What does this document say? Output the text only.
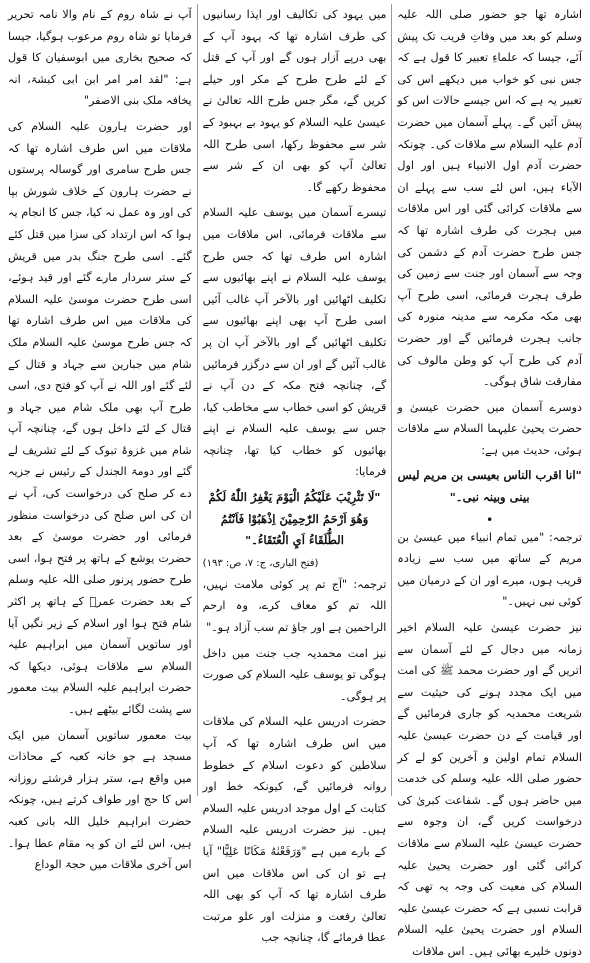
اشارہ تھا جو حضور صلی اللہ علیہ وسلم کو بعد میں وفاتِ قریب تک پیش آئے، جیسا کہ علماءِ تعبیر کا قول ہے کہ جس نبی کو خواب میں دیکھے اس کی تعبیر یہ ہے کہ اس جیسے حالات اس کو پیش آئیں گے۔ پہلے آسمان میں حضرت آدم علیہ السلام سے ملاقات کی۔ چونکہ حضرت آدم اول الانبیاء ہیں اور اول الآباء ہیں، اس لئے سب سے پہلے ان سے ملاقات کرائی گئی اور اس ملاقات میں ہجرت کی طرف اشارہ تھا کہ جس طرح حضرت آدم کے دشمن کی وجہ سے آسمان اور جنت سے زمین کی طرف ہجرت فرمائی، اسی طرح آپ بھی مکہ مکرمہ سے مدینہ منورہ کی جانب ہجرت فرمائیں گے اور حضرت آدم کی طرح آپ کو وطن مالوف کی مفارقت شاق ہوگی۔
دوسرے آسمان میں حضرت عیسیٰ و حضرت یحییٰ علیہما السلام سے ملاقات ہوئی، حدیث میں ہے:
"انا اقرب الناس بعیسی بن مریم لیس بینی وبینہ نبی۔"
•
ترجمہ: "میں تمام انبیاء میں عیسیٰ بن مریم کے ساتھ میں سب سے زیادہ قریب ہوں، میرے اور ان کے درمیان میں کوئی نبی نہیں۔"
نیز حضرت عیسیٰ علیہ السلام اخیر زمانہ میں دجال کے لئے آسمان سے اتریں گے اور حضرت محمد ﷺ کی امت میں ایک مجدد ہونے کی حیثیت سے شریعت محمدیہ کو جاری فرمائیں گے اور قیامت کے دن حضرت عیسیٰ علیہ السلام تمام اولین و آخرین کو لے کر حضور صلی اللہ علیہ وسلم کی خدمت میں حاضر ہوں گے۔ شفاعت کبریٰ کی درخواست کریں گے، ان وجوہ سے حضرت عیسیٰ علیہ السلام سے ملاقات کرائی گئی اور حضرت یحییٰ علیہ السلام کی معیت کی وجہ یہ تھی کہ قرابت نسبی ہے کہ حضرت عیسیٰ علیہ السلام اور حضرت یحییٰ علیہ السلام دونوں خلیرے بھائی ہیں۔ اس ملاقات
میں یہود کی تکالیف اور ایذا رسانیوں کی طرف اشارہ تھا کہ یہود آپ کے بھی درپے آزار ہوں گے اور آپ کے قتل کے لئے طرح طرح کے مکر اور حیلے کریں گے، مگر جس طرح اللہ تعالیٰ نے عیسیٰ علیہ السلام کو یہود بے بہبود کے شر سے محفوظ رکھا، اسی طرح اللہ تعالیٰ آپ کو بھی ان کے شر سے محفوظ رکھے گا۔
تیسرے آسمان میں یوسف علیہ السلام سے ملاقات فرمائی، اس ملاقات میں اشارہ اس طرف تھا کہ جس طرح یوسف علیہ السلام نے اپنے بھائیوں سے تکلیف اٹھائیں اور بالآخر آپ غالب آئیں اسی طرح آپ بھی اپنے بھائیوں سے تکلیف اٹھائیں گے اور بالآخر آپ ان پر غالب آئیں گے اور ان سے درگزر فرمائیں گے، چنانچہ فتح مکہ کے دن آپ نے قریش کو اسی خطاب سے مخاطب کیا، جس سے یوسف علیہ السلام نے اپنے بھائیوں کو خطاب کیا تھا، چنانچہ فرمایا:
"لَا تَثْرِيْبَ عَلَيْكُمُ الْيَوْمَ يَغْفِرُ اللّٰهُ لَكُمْ وَهُوَ اَرْحَمُ الرّٰحِمِيْنَ اِذْهَبُوْا فَاَنْتُمُ الطُّلَقَاءُ اَيِ الْعُتَقَاءُ۔"
(فتح الباری، ج: ۷، ص: ۱۹۳)
ترجمہ: "آج تم پر کوئی ملامت نہیں، اللہ تم کو معاف کرے، وہ ارحم الراحمین ہے اور جاؤ تم سب آزاد ہو۔"
نیز امت محمدیہ جب جنت میں داخل ہوگی تو یوسف علیہ السلام کی صورت پر ہوگی۔
حضرت ادریس علیہ السلام کی ملاقات میں اس طرف اشارہ تھا کہ آپ سلاطین کو دعوت اسلام کے خطوط روانہ فرمائیں گے، کیونکہ خط اور کتابت کے اول موجد ادریس علیہ السلام ہیں۔ نیز حضرت ادریس علیہ السلام کے بارے میں ہے "وَرَفَعْنٰهُ مَكَانًا عَلِيًّا" آیا ہے تو ان کی اس ملاقات میں اس طرف اشارہ تھا کہ آپ کو بھی اللہ تعالیٰ رفعت و منزلت اور علو مرتبت عطا فرمائے گا، چنانچہ جب
آپ نے شاہ روم کے نام والا نامہ تحریر فرمایا تو شاہ روم مرعوب ہوگیا، جیسا کہ صحیح بخاری میں ابوسفیان کا قول ہے: "لقد امر امر ابن ابی کبشۃ، انہ یخافہ ملک بنی الاصفر"
اور حضرت ہارون علیہ السلام کی ملاقات میں اس طرف اشارہ تھا کہ جس طرح سامری اور گوسالہ پرستوں نے حضرت ہارون کے خلاف شورش بپا کی اور وہ عمل نہ کیا، جس کا انجام یہ ہوا کہ اس ارتداد کی سزا میں قتل کئے گئے۔ اسی طرح جنگ بدر میں قریش کے ستر سردار مارے گئے اور قید ہوئے، اسی طرح حضرت موسیٰ علیہ السلام کی ملاقات میں اس طرف اشارہ تھا کہ جس طرح موسیٰ علیہ السلام ملک شام میں جبارین سے جہاد و قتال کے لئے گئے اور اللہ نے آپ کو فتح دی، اسی طرح آپ بھی ملک شام میں جہاد و قتال کے لئے داخل ہوں گے، چنانچہ آپ شام میں غزوۂ تبوک کے لئے تشریف لے گئے اور دومۃ الجندل کے رئیس نے جزیہ دے کر صلح کی درخواست کی، آپ نے ان کی اس صلح کی درخواست منظور فرمائی اور حضرت موسیٰ کے بعد حضرت یوشع کے ہاتھ پر فتح ہوا، اسی طرح حضور پرنور صلی اللہ علیہ وسلم کے بعد حضرت عمرؓ کے ہاتھ پر اکثر شام فتح ہوا اور اسلام کے زیر نگیں آیا اور ساتویں آسمان میں ابراہیم علیہ السلام سے ملاقات ہوئی، دیکھا کہ حضرت ابراہیم علیہ السلام بیت معمور سے پشت لگائے بیٹھے ہیں۔
بیت معمور ساتویں آسمان میں ایک مسجد ہے جو خانہ کعبہ کے محاذات میں واقع ہے، ستر ہزار فرشتے روزانہ اس کا حج اور طواف کرتے ہیں، چونکہ حضرت ابراہیم خلیل اللہ بانی کعبہ ہیں، اس لئے ان کو یہ مقام عطا ہوا۔ اس آخری ملاقات میں حجۃ الوداع
